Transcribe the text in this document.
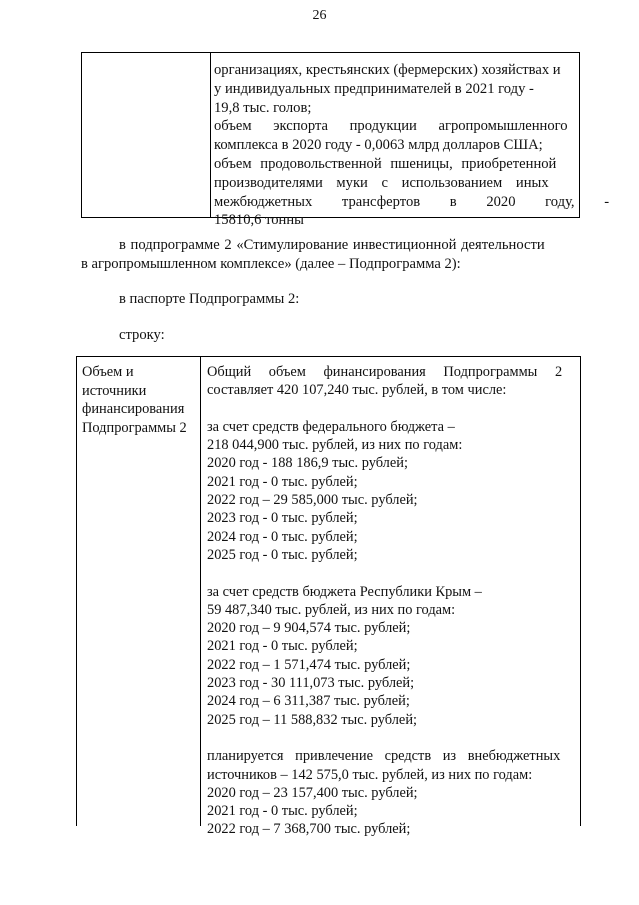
26
организациях, крестьянских (фермерских) хозяйствах и
у индивидуальных предпринимателей в 2021 году -
19,8 тыс. голов;
объем экспорта продукции агропромышленного
комплекса в 2020 году - 0,0063 млрд долларов США;
объем продовольственной пшеницы, приобретенной
производителями муки с использованием иных
межбюджетных трансфертов в 2020 году, -
15810,6 тонны
в подпрограмме 2 «Стимулирование инвестиционной деятельности
в агропромышленном комплексе» (далее – Подпрограмма 2):
в паспорте Подпрограммы 2:
строку:
Объем и
источники
финансирования
Подпрограммы 2
Общий объем финансирования Подпрограммы 2
составляет 420 107,240 тыс. рублей, в том числе:
за счет средств федерального бюджета –
218 044,900 тыс. рублей, из них по годам:
2020 год - 188 186,9 тыс. рублей;
2021 год - 0 тыс. рублей;
2022 год – 29 585,000 тыс. рублей;
2023 год - 0 тыс. рублей;
2024 год - 0 тыс. рублей;
2025 год - 0 тыс. рублей;
за счет средств бюджета Республики Крым –
59 487,340 тыс. рублей, из них по годам:
2020 год – 9 904,574 тыс. рублей;
2021 год - 0 тыс. рублей;
2022 год – 1 571,474 тыс. рублей;
2023 год - 30 111,073 тыс. рублей;
2024 год – 6 311,387 тыс. рублей;
2025 год – 11 588,832 тыс. рублей;
планируется привлечение средств из внебюджетных
источников – 142 575,0 тыс. рублей, из них по годам:
2020 год – 23 157,400 тыс. рублей;
2021 год - 0 тыс. рублей;
2022 год – 7 368,700 тыс. рублей;
